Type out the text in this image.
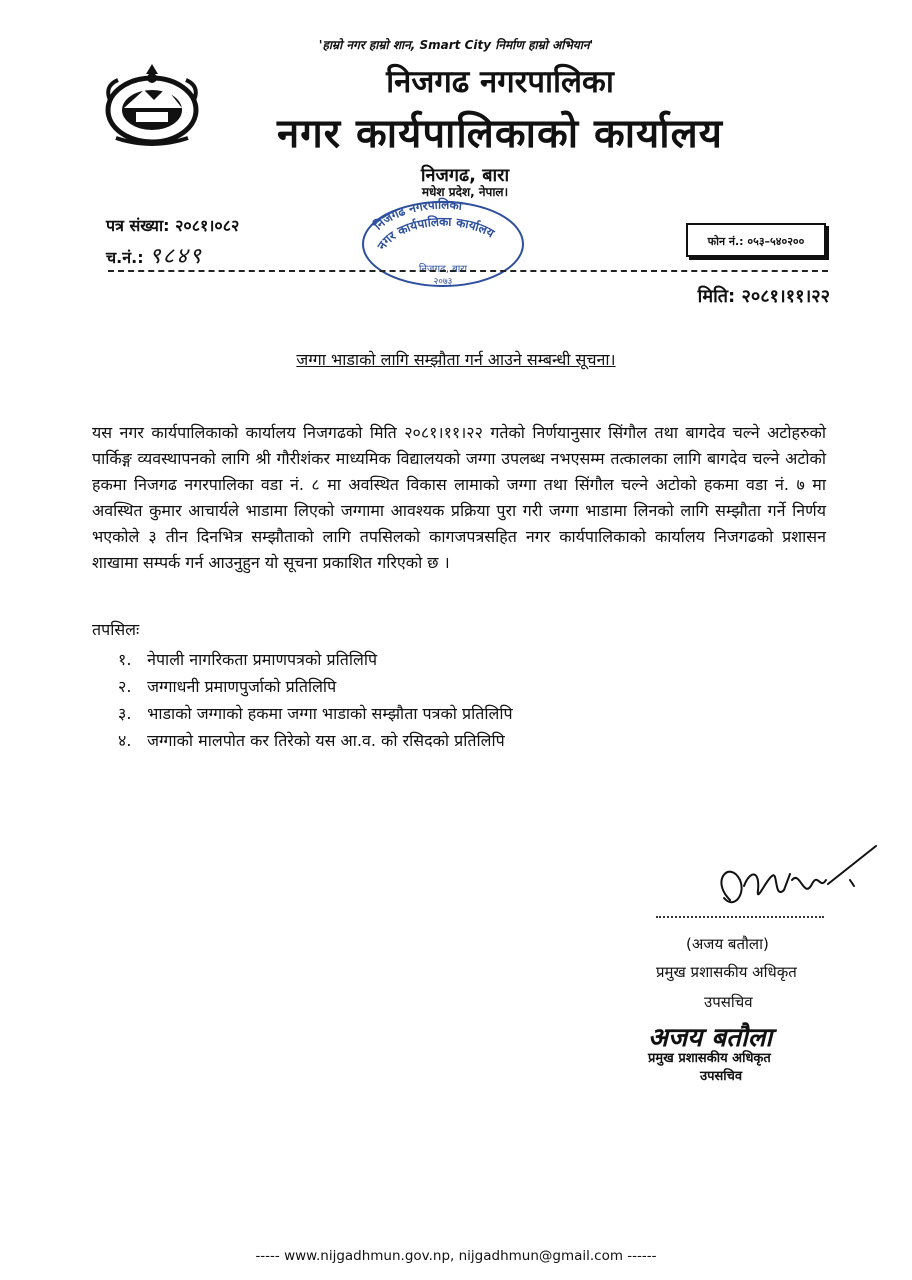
'हाम्रो नगर हाम्रो शान, Smart City निर्माण हाम्रो अभियान'
निजगढ नगरपालिका
नगर कार्यपालिकाको कार्यालय
निजगढ, बारा
मधेश प्रदेश, नेपाल।
निजगढ नगरपालिका
नगर कार्यपालिका कार्यालय
निजगढ, बारा
२०७३
पत्र संख्या: २०८१।०८२
च.नं.: ९८४९
फोन नं.: ०५३–५४०२००
मिति: २०८१।११।२२
जग्गा भाडाको लागि सम्झौता गर्न आउने सम्बन्धी सूचना।
यस नगर कार्यपालिकाको कार्यालय निजगढको मिति २०८१।११।२२ गतेको निर्णयानुसार सिंगौल तथा बागदेव चल्ने अटोहरुको पार्किङ्ग व्यवस्थापनको लागि श्री गौरीशंकर माध्यमिक विद्यालयको जग्गा उपलब्ध नभएसम्म तत्कालका लागि बागदेव चल्ने अटोको हकमा निजगढ नगरपालिका वडा नं. ८ मा अवस्थित विकास लामाको जग्गा तथा सिंगौल चल्ने अटोको हकमा वडा नं. ७ मा अवस्थित कुमार आचार्यले भाडामा लिएको जग्गामा आवश्यक प्रक्रिया पुरा गरी जग्गा भाडामा लिनको लागि सम्झौता गर्ने निर्णय भएकोले ३ तीन दिनभित्र सम्झौताको लागि तपसिलको कागजपत्रसहित नगर कार्यपालिकाको कार्यालय निजगढको प्रशासन शाखामा सम्पर्क गर्न आउनुहुन यो सूचना प्रकाशित गरिएको छ ।
तपसिलः
१. नेपाली नागरिकता प्रमाणपत्रको प्रतिलिपि
२. जग्गाधनी प्रमाणपुर्जाको प्रतिलिपि
३. भाडाको जग्गाको हकमा जग्गा भाडाको सम्झौता पत्रको प्रतिलिपि
४. जग्गाको मालपोत कर तिरेको यस आ.व. को रसिदको प्रतिलिपि
(अजय बतौला)
प्रमुख प्रशासकीय अधिकृत
उपसचिव
अजय बतौला
प्रमुख प्रशासकीय अधिकृत
उपसचिव
----- www.nijgadhmun.gov.np, nijgadhmun@gmail.com ------
